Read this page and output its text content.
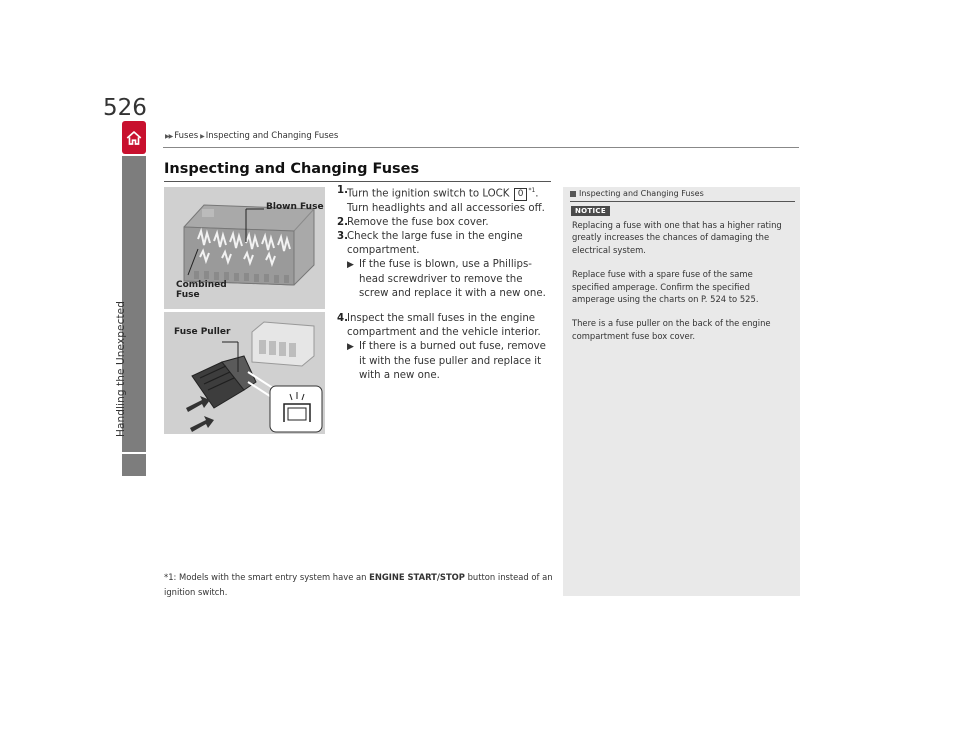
526
Handling the Unexpected
▶▶ Fuses ▶ Inspecting and Changing Fuses
Inspecting and Changing Fuses
Blown Fuse
Combined
Fuse
Fuse Puller
1. Turn the ignition switch to LOCK 0 $^{*1}$. Turn headlights and all accessories off.
2. Remove the fuse box cover.
3. Check the large fuse in the engine compartment.
▶ If the fuse is blown, use a Phillips-head screwdriver to remove the screw and replace it with a new one.
4. Inspect the small fuses in the engine compartment and the vehicle interior.
▶ If there is a burned out fuse, remove it with the fuse puller and replace it with a new one.
*1: Models with the smart entry system have an ENGINE START/STOP button instead of an ignition switch.
Inspecting and Changing Fuses
NOTICE

Replacing a fuse with one that has a higher rating greatly increases the chances of damaging the electrical system.

Replace fuse with a spare fuse of the same specified amperage. Confirm the specified amperage using the charts on P. 524 to 525.

There is a fuse puller on the back of the engine compartment fuse box cover.
